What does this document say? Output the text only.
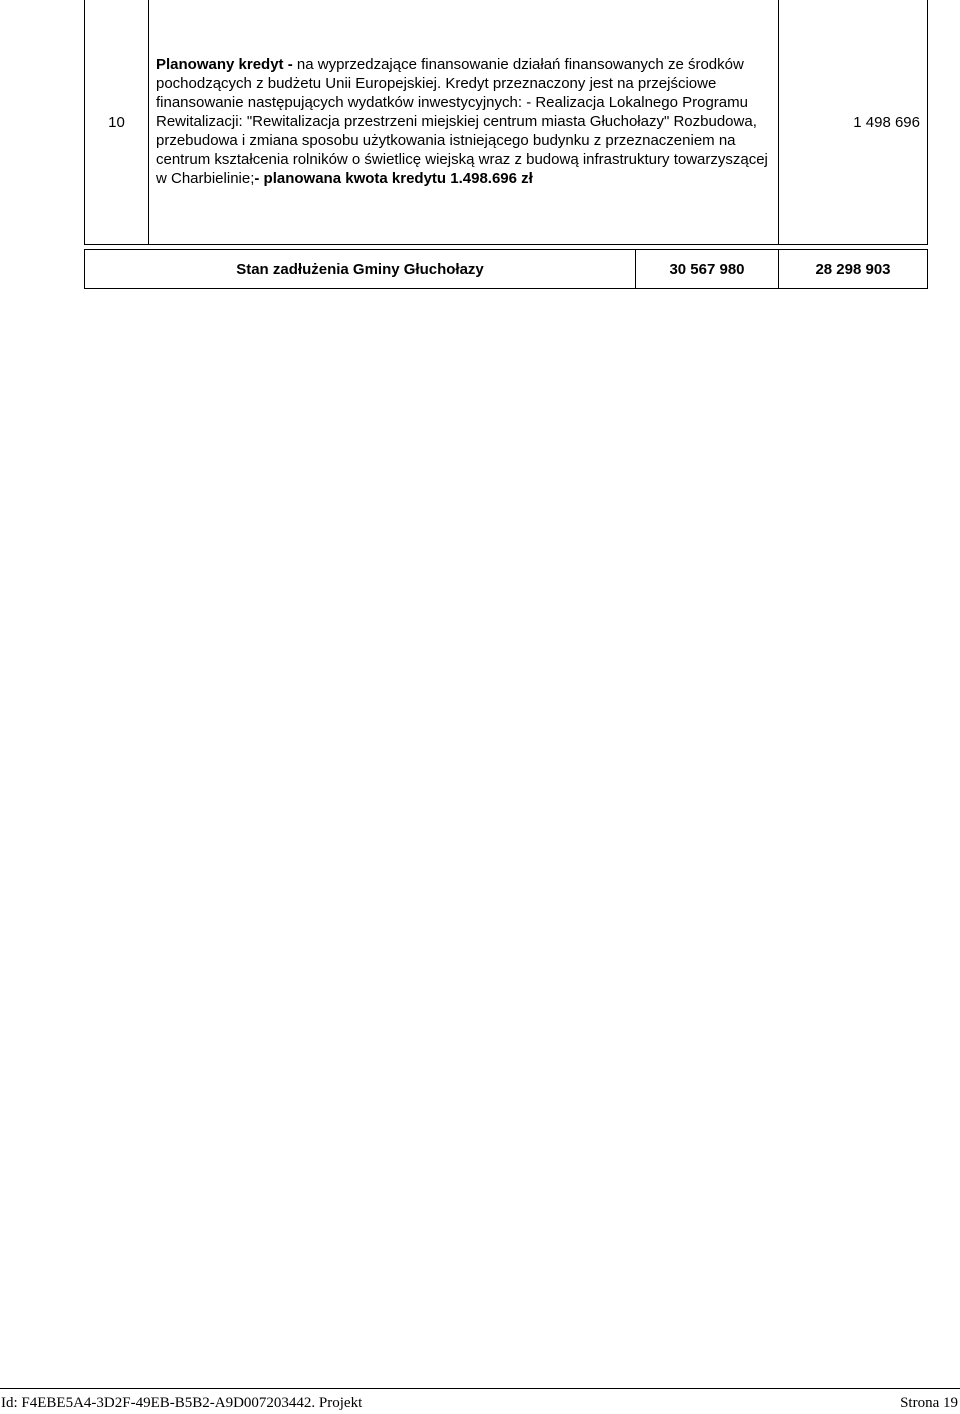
10	Planowany kredyt - na wyprzedzające finansowanie działań finansowanych ze środków pochodzących z budżetu Unii Europejskiej. Kredyt przeznaczony jest na przejściowe finansowanie następujących wydatków inwestycyjnych: - Realizacja Lokalnego Programu Rewitalizacji: "Rewitalizacja przestrzeni miejskiej centrum miasta Głuchołazy" Rozbudowa, przebudowa i zmiana sposobu użytkowania istniejącego budynku z przeznaczeniem na centrum kształcenia rolników o świetlicę wiejską wraz z budową infrastruktury towarzyszącej w Charbielinie;- planowana kwota kredytu 1.498.696 zł		1 498 696

Stan zadłużenia Gminy Głuchołazy		30 567 980	28 298 903
Id: F4EBE5A4-3D2F-49EB-B5B2-A9D007203442. Projekt	Strona 19
